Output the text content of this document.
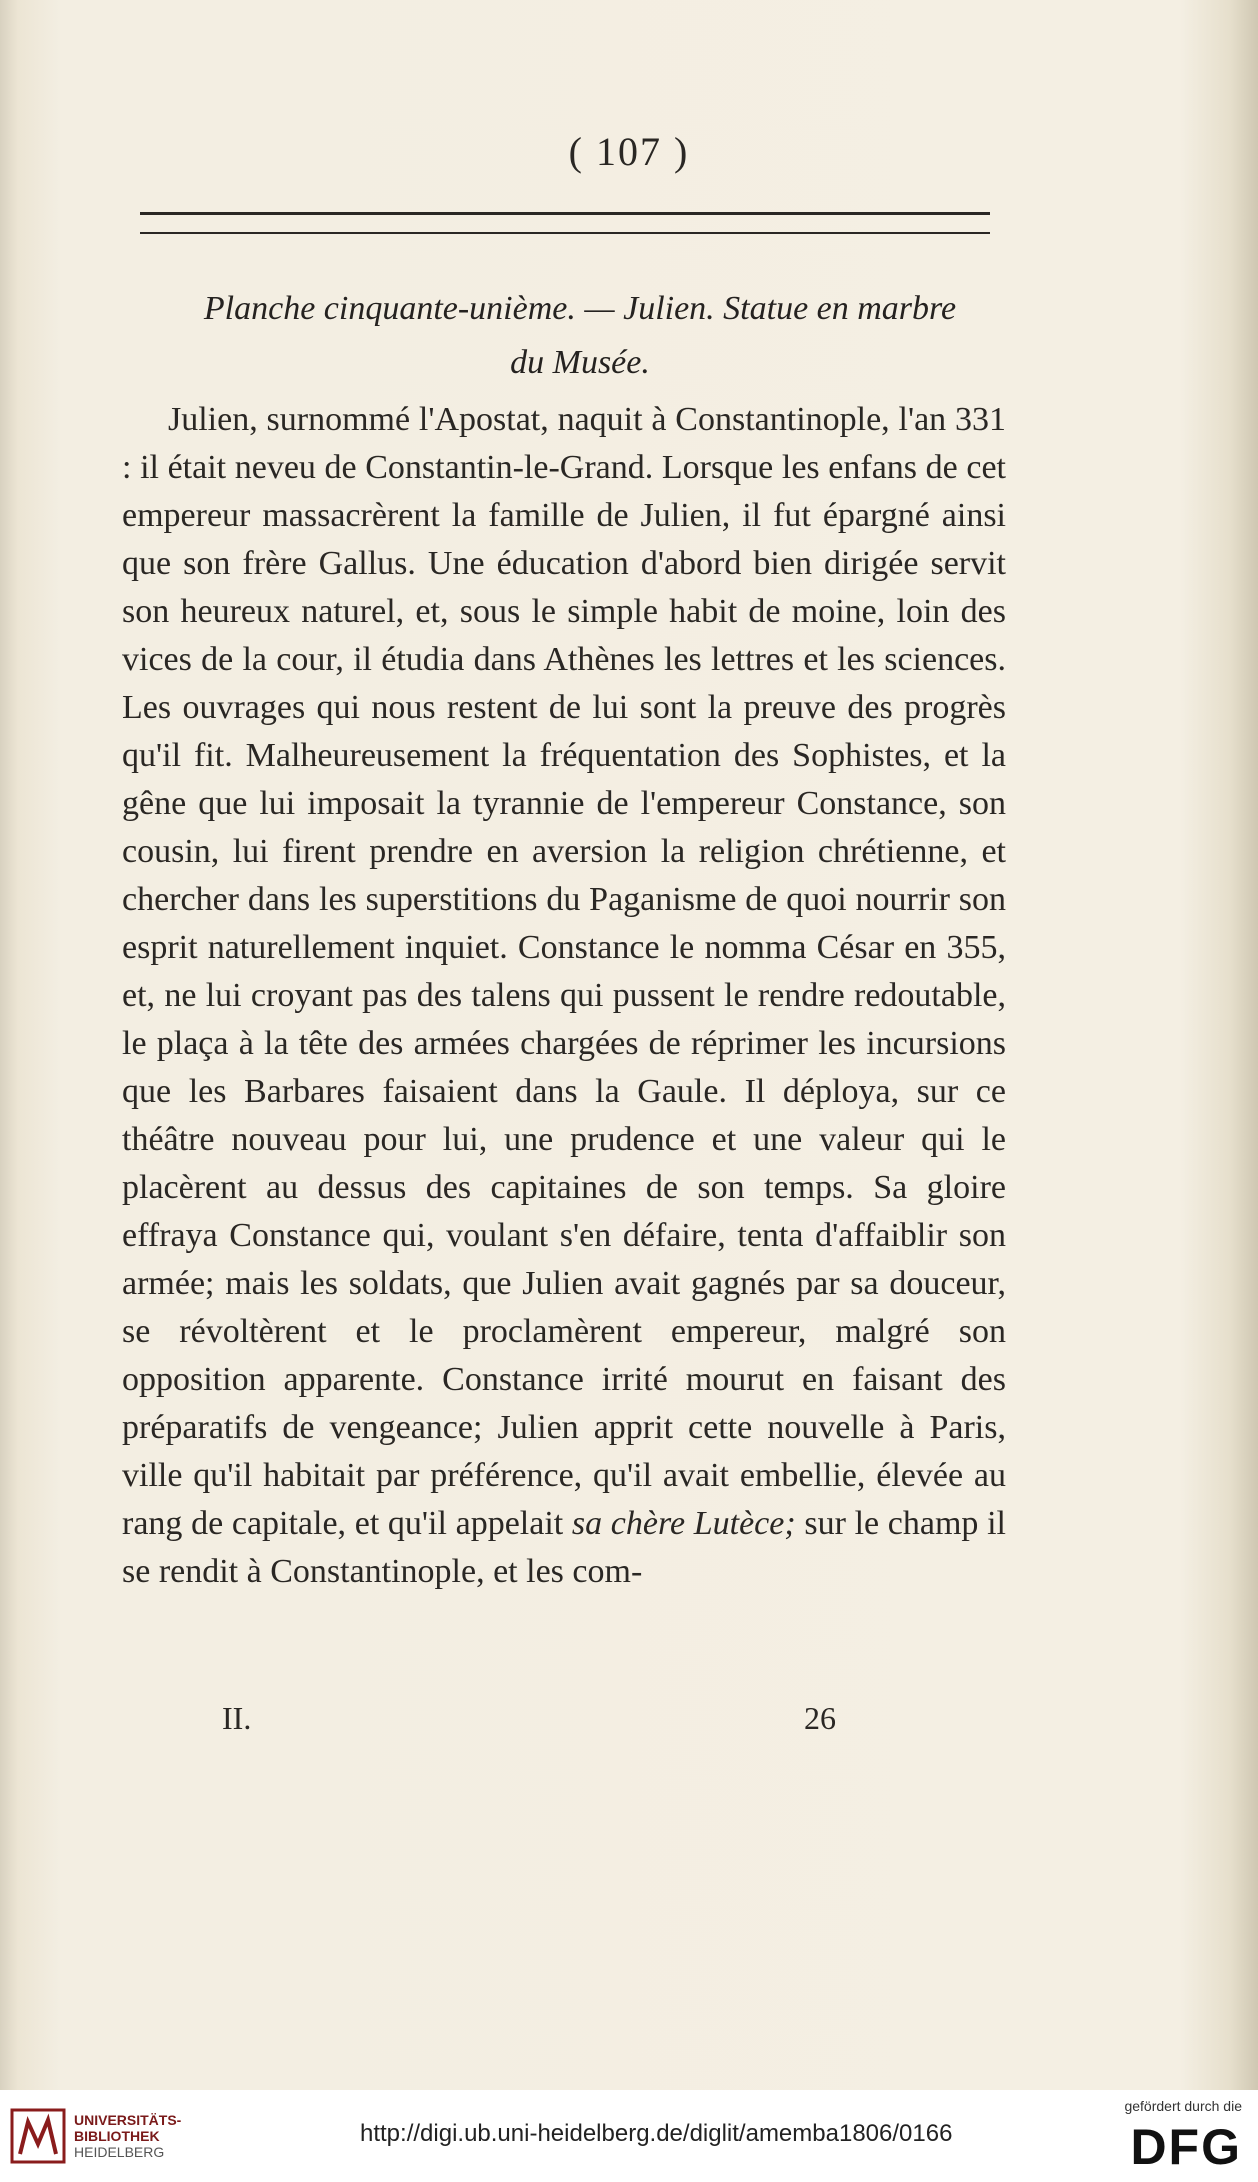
( 107 )
Planche cinquante-unième. — Julien. Statue en marbre
du Musée.

Julien, surnommé l'Apostat, naquit à Constantinople, l'an 331 : il était neveu de Constantin-le-Grand. Lorsque les enfans de cet empereur massacrèrent la famille de Julien, il fut épargné ainsi que son frère Gallus. Une éducation d'abord bien dirigée servit son heureux naturel, et, sous le simple habit de moine, loin des vices de la cour, il étudia dans Athènes les lettres et les sciences. Les ouvrages qui nous restent de lui sont la preuve des progrès qu'il fit. Malheureusement la fréquentation des Sophistes, et la gêne que lui imposait la tyrannie de l'empereur Constance, son cousin, lui firent prendre en aversion la religion chrétienne, et chercher dans les superstitions du Paganisme de quoi nourrir son esprit naturellement inquiet. Constance le nomma César en 355, et, ne lui croyant pas des talens qui pussent le rendre redoutable, le plaça à la tête des armées chargées de réprimer les incursions que les Barbares faisaient dans la Gaule. Il déploya, sur ce théâtre nouveau pour lui, une prudence et une valeur qui le placèrent au dessus des capitaines de son temps. Sa gloire effraya Constance qui, voulant s'en défaire, tenta d'affaiblir son armée; mais les soldats, que Julien avait gagnés par sa douceur, se révoltèrent et le proclamèrent empereur, malgré son opposition apparente. Constance irrité mourut en faisant des préparatifs de vengeance; Julien apprit cette nouvelle à Paris, ville qu'il habitait par préférence, qu'il avait embellie, élevée au rang de capitale, et qu'il appelait sa chère Lutèce; sur le champ il se rendit à Constantinople, et les com-

II.	26
UNIVERSITÄTS-
BIBLIOTHEK
HEIDELBERG
http://digi.ub.uni-heidelberg.de/diglit/amemba1806/0166
gefördert durch die
DFG
